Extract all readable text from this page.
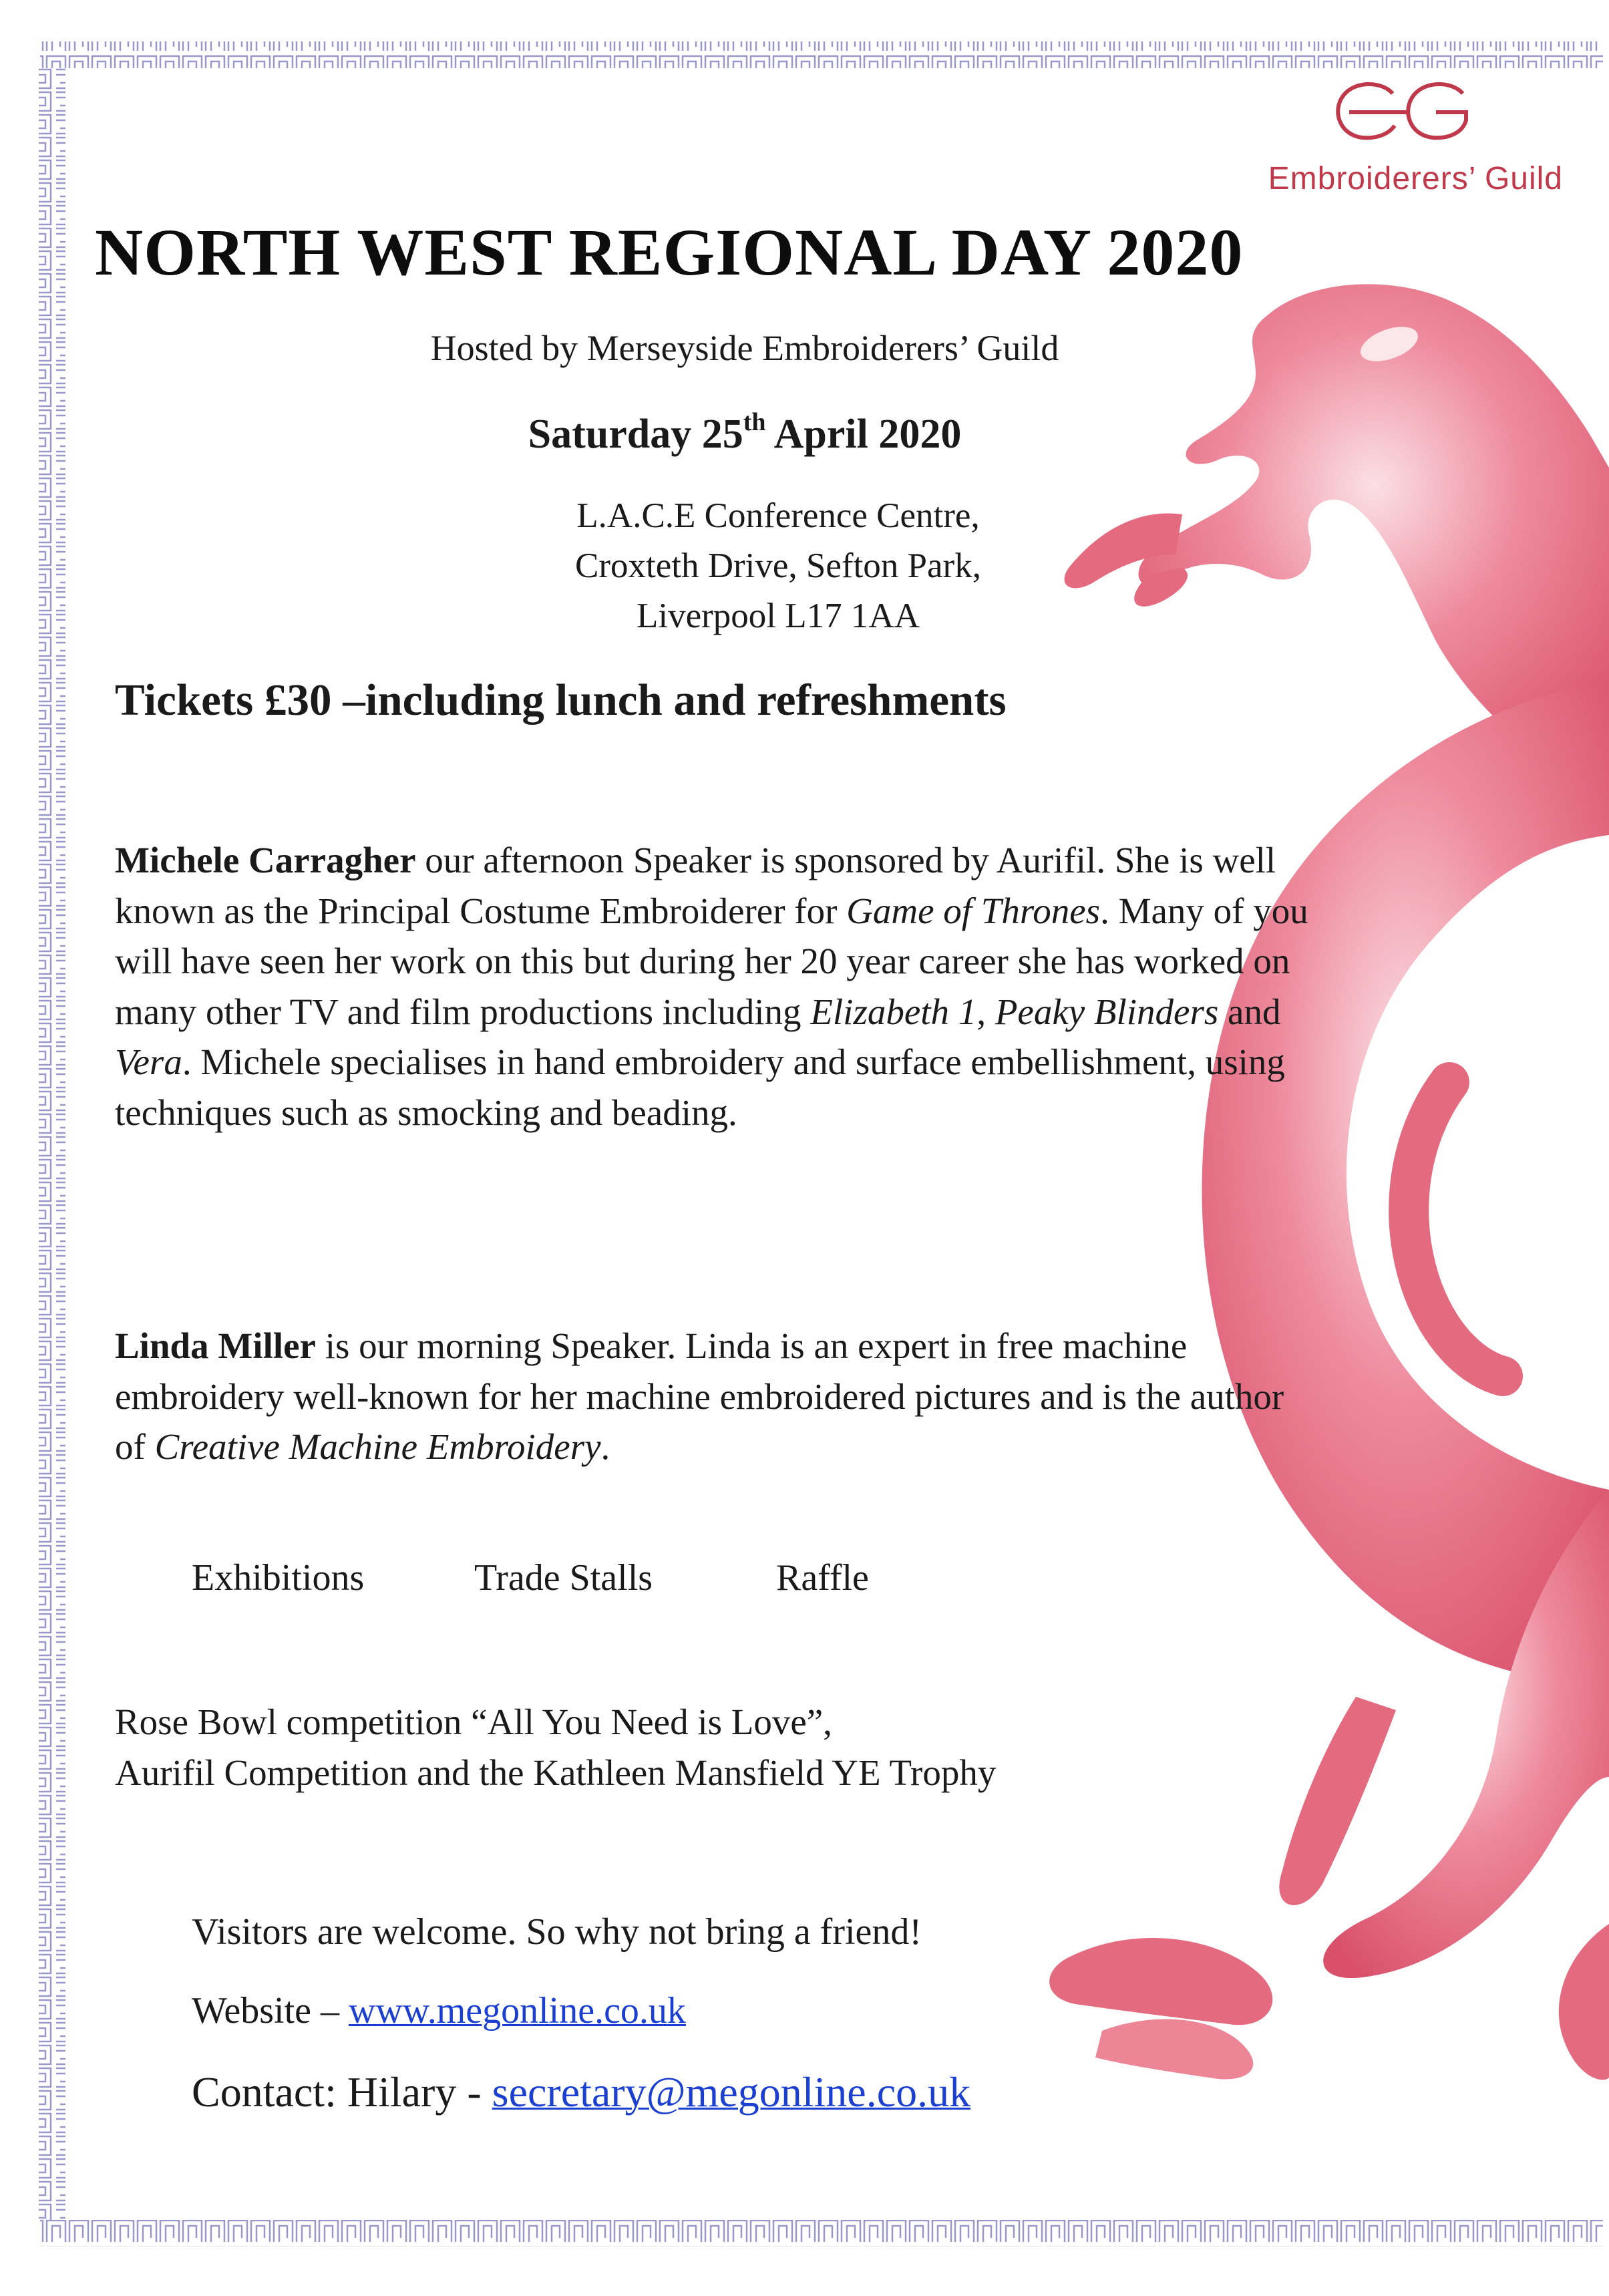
Embroiderers’ Guild
NORTH WEST REGIONAL DAY 2020
Hosted by Merseyside Embroiderers’ Guild
Saturday 25th April 2020
L.A.C.E Conference Centre,
Croxteth Drive, Sefton Park,
Liverpool L17 1AA
Tickets £30 –including lunch and refreshments
Michele Carragher our afternoon Speaker is sponsored by Aurifil. She is well known as the Principal Costume Embroiderer for Game of Thrones. Many of you will have seen her work on this but during her 20 year career she has worked on many other TV and film productions including Elizabeth 1, Peaky Blinders and Vera. Michele specialises in hand embroidery and surface embellishment, using techniques such as smocking and beading.
Linda Miller is our morning Speaker. Linda is an expert in free machine embroidery well-known for her machine embroidered pictures and is the author of Creative Machine Embroidery.
Exhibitions	Trade Stalls	Raffle
Rose Bowl competition “All You Need is Love”,
Aurifil Competition and the Kathleen Mansfield YE Trophy
Visitors are welcome. So why not bring a friend!
Website – www.megonline.co.uk
Contact: Hilary - secretary@megonline.co.uk
